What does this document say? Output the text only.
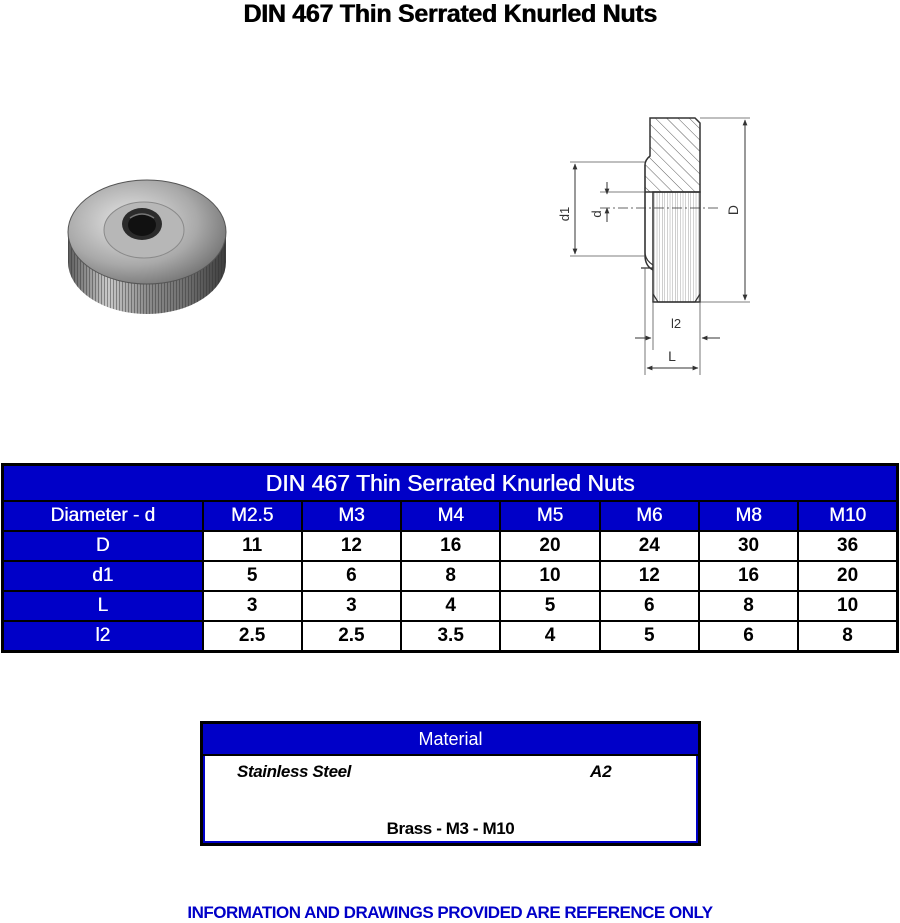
DIN 467 Thin Serrated Knurled Nuts
d1 d	D
l2
L
DIN 467 Thin Serrated Knurled Nuts							
Diameter - d	M2.5	M3	M4	M5	M6	M8	M10
D	11	12	16	20	24	30	36
d1	5	6	8	10	12	16	20
L	3	3	4	5	6	8	10
l2	2.5	2.5	3.5	4	5	6	8
Material
Stainless Steel	A2
Brass - M3 - M10
INFORMATION AND DRAWINGS PROVIDED ARE REFERENCE ONLY
